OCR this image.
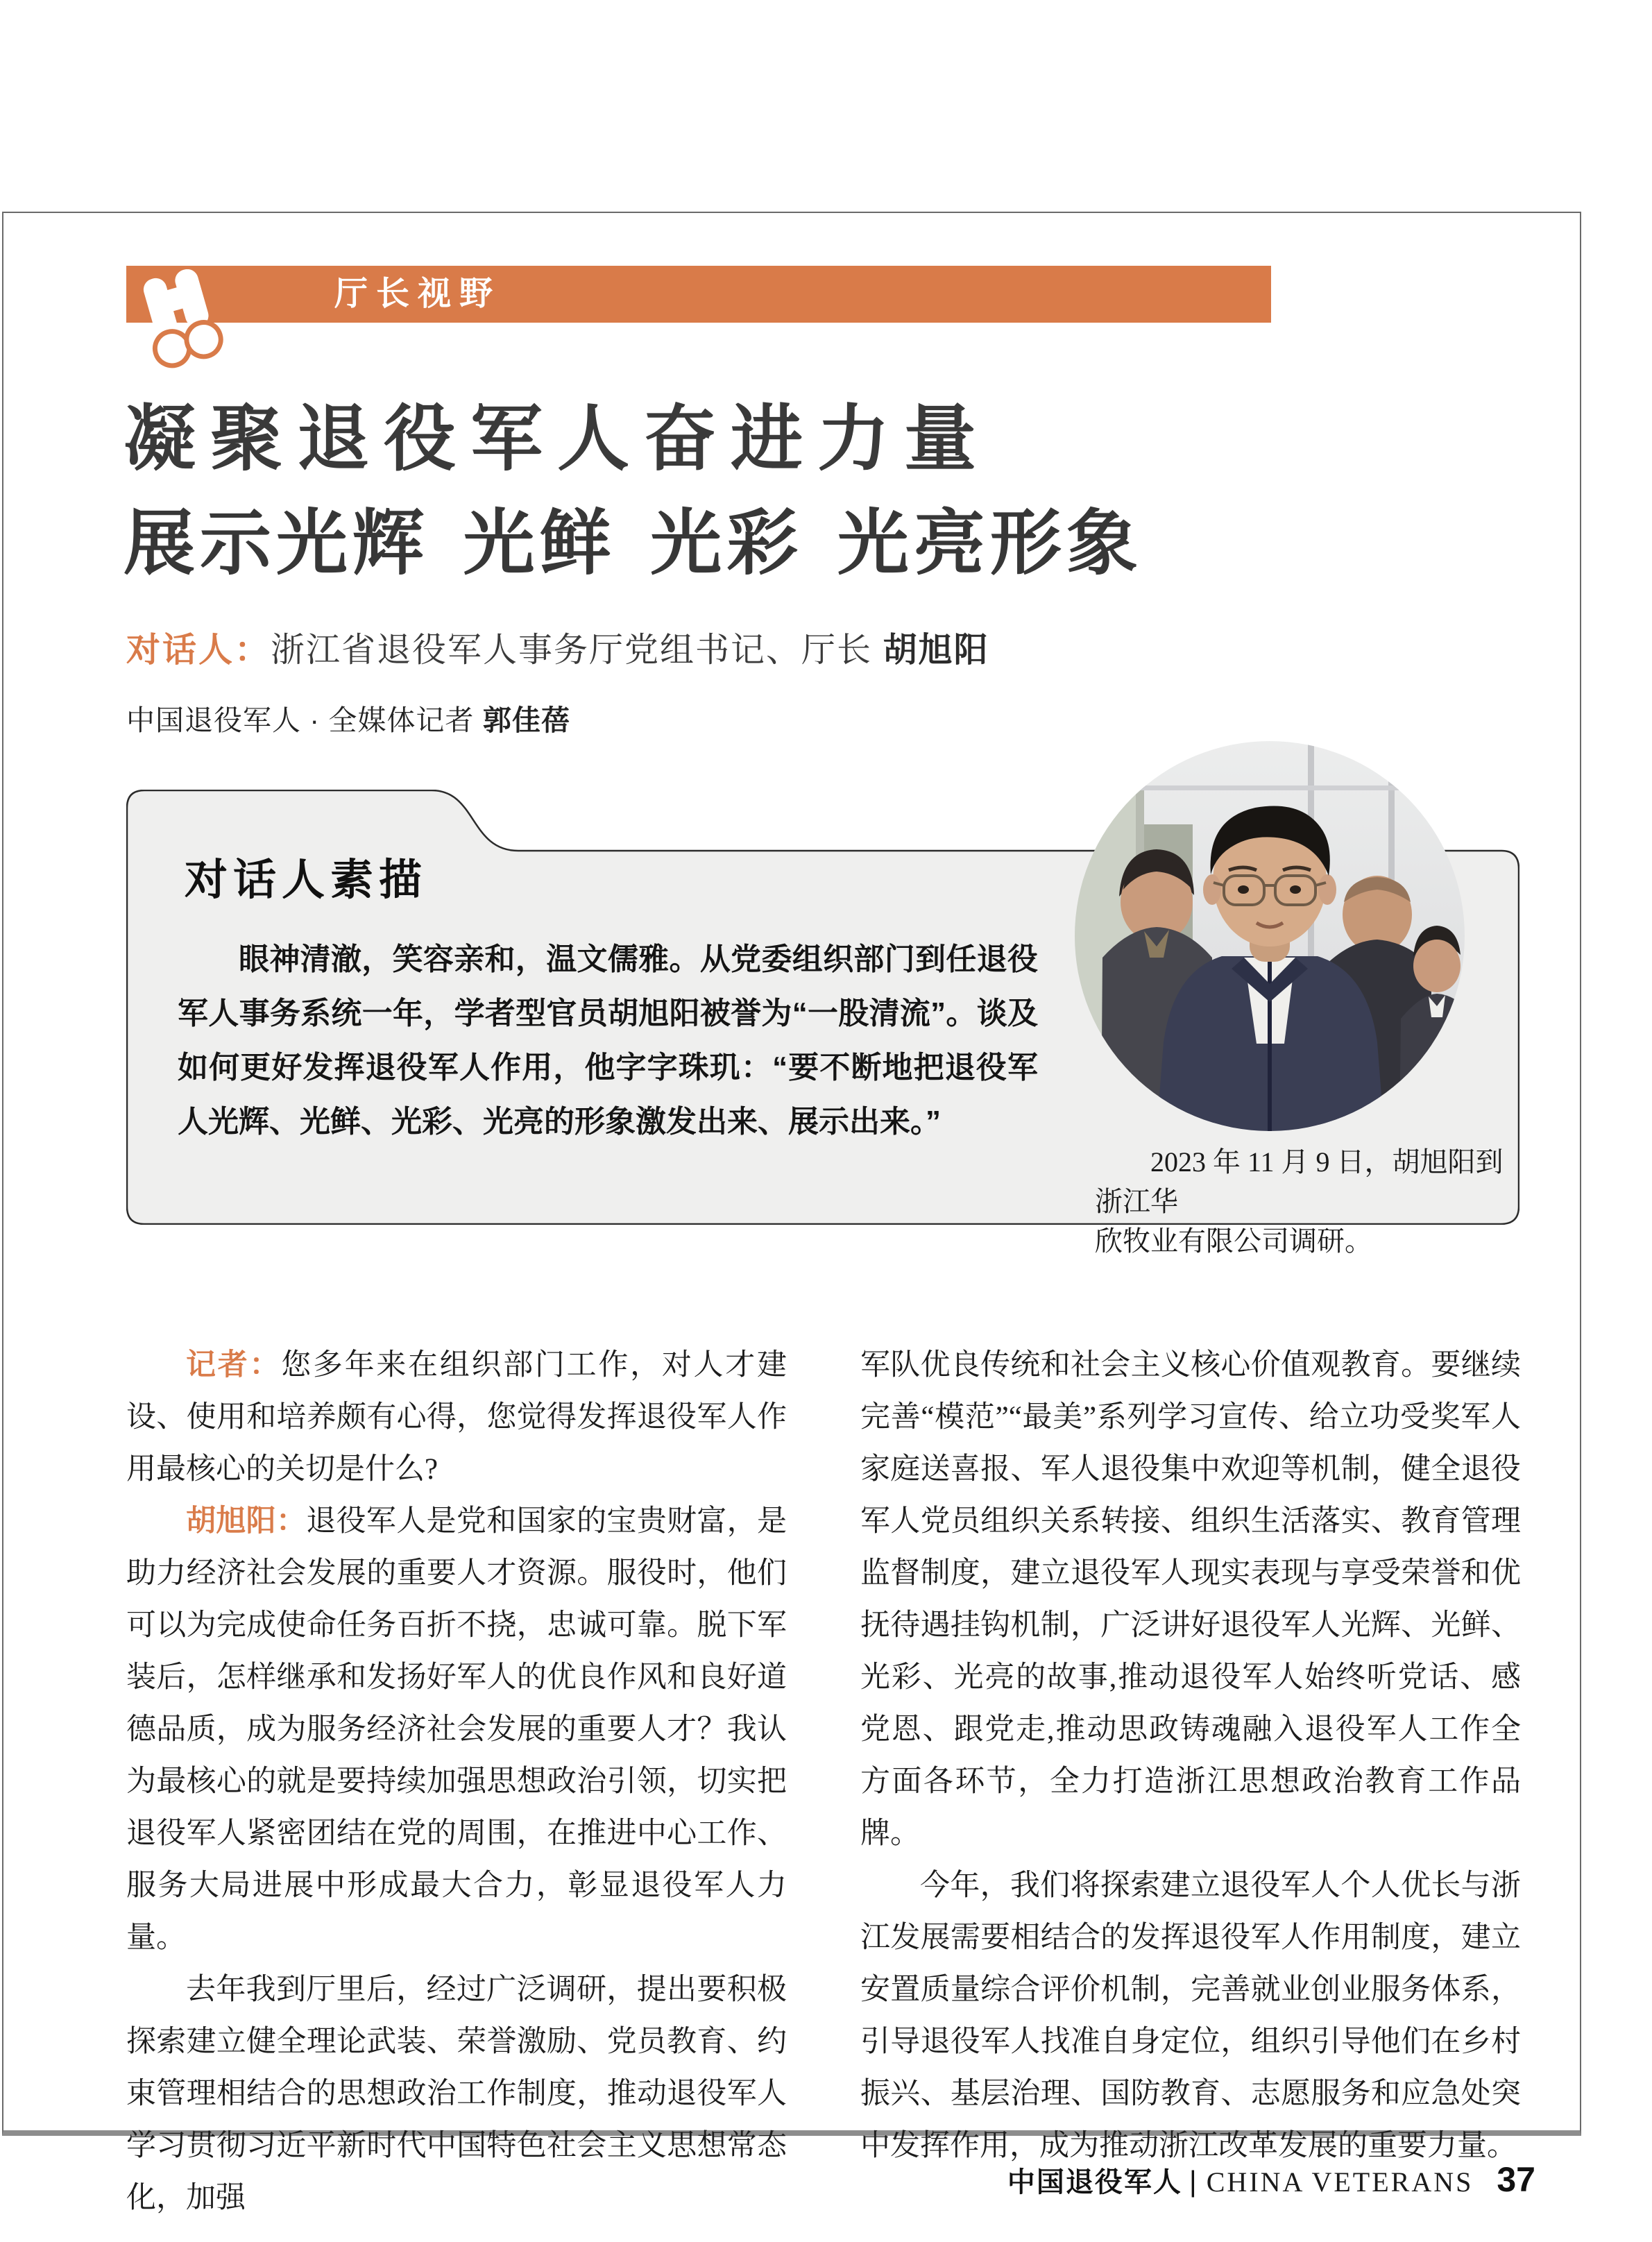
厅长视野
凝聚退役军人奋进力量
展示光辉 光鲜 光彩 光亮形象
对话人：浙江省退役军人事务厅党组书记、厅长 胡旭阳
中国退役军人 · 全媒体记者 郭佳蓓
对话人素描
眼神清澈，笑容亲和，温文儒雅。从党委组织部门到任退役军人事务系统一年，学者型官员胡旭阳被誉为“一股清流”。谈及如何更好发挥退役军人作用，他字字珠玑：“要不断地把退役军人光辉、光鲜、光彩、光亮的形象激发出来、展示出来。”
2023 年 11 月 9 日，胡旭阳到浙江华
欣牧业有限公司调研。

记者：您多年来在组织部门工作，对人才建设、使用和培养颇有心得，您觉得发挥退役军人作用最核心的关切是什么?

胡旭阳：退役军人是党和国家的宝贵财富，是助力经济社会发展的重要人才资源。服役时，他们可以为完成使命任务百折不挠，忠诚可靠。脱下军装后，怎样继承和发扬好军人的优良作风和良好道德品质，成为服务经济社会发展的重要人才？我认为最核心的就是要持续加强思想政治引领，切实把退役军人紧密团结在党的周围，在推进中心工作、服务大局进展中形成最大合力，彰显退役军人力量。

去年我到厅里后，经过广泛调研，提出要积极探索建立健全理论武装、荣誉激励、党员教育、约束管理相结合的思想政治工作制度，推动退役军人学习贯彻习近平新时代中国特色社会主义思想常态化，加强

军队优良传统和社会主义核心价值观教育。要继续完善“模范”“最美”系列学习宣传、给立功受奖军人家庭送喜报、军人退役集中欢迎等机制，健全退役军人党员组织关系转接、组织生活落实、教育管理监督制度，建立退役军人现实表现与享受荣誉和优抚待遇挂钩机制，广泛讲好退役军人光辉、光鲜、光彩、光亮的故事,推动退役军人始终听党话、感党恩、跟党走,推动思政铸魂融入退役军人工作全方面各环节，全力打造浙江思想政治教育工作品牌。

今年，我们将探索建立退役军人个人优长与浙江发展需要相结合的发挥退役军人作用制度，建立安置质量综合评价机制，完善就业创业服务体系，引导退役军人找准自身定位，组织引导他们在乡村振兴、基层治理、国防教育、志愿服务和应急处突中发挥作用，成为推动浙江改革发展的重要力量。

中国退役军人 | CHINA VETERANS 37
